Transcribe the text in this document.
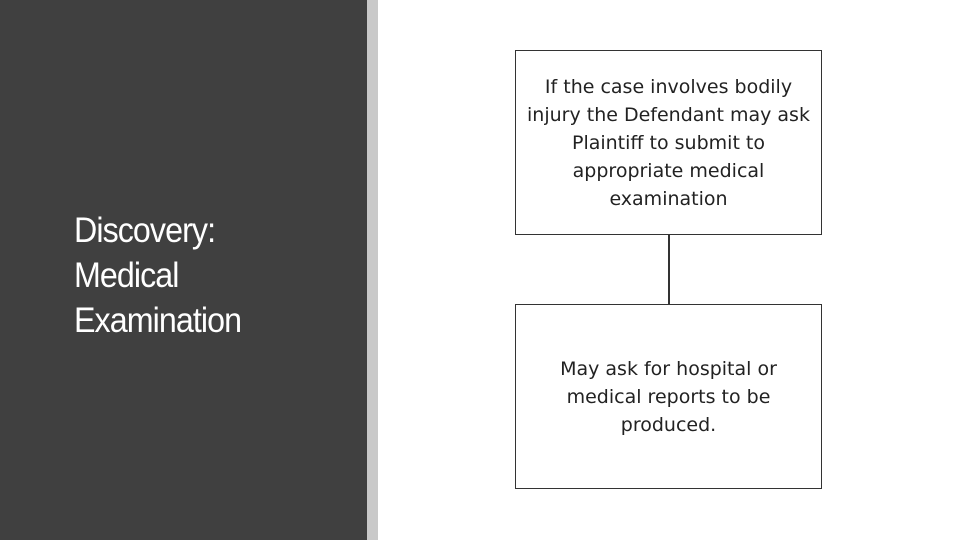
Discovery:
Medical
Examination
If the case involves bodily injury the Defendant may ask Plaintiff to submit to appropriate medical examination
May ask for hospital or medical reports to be produced.
